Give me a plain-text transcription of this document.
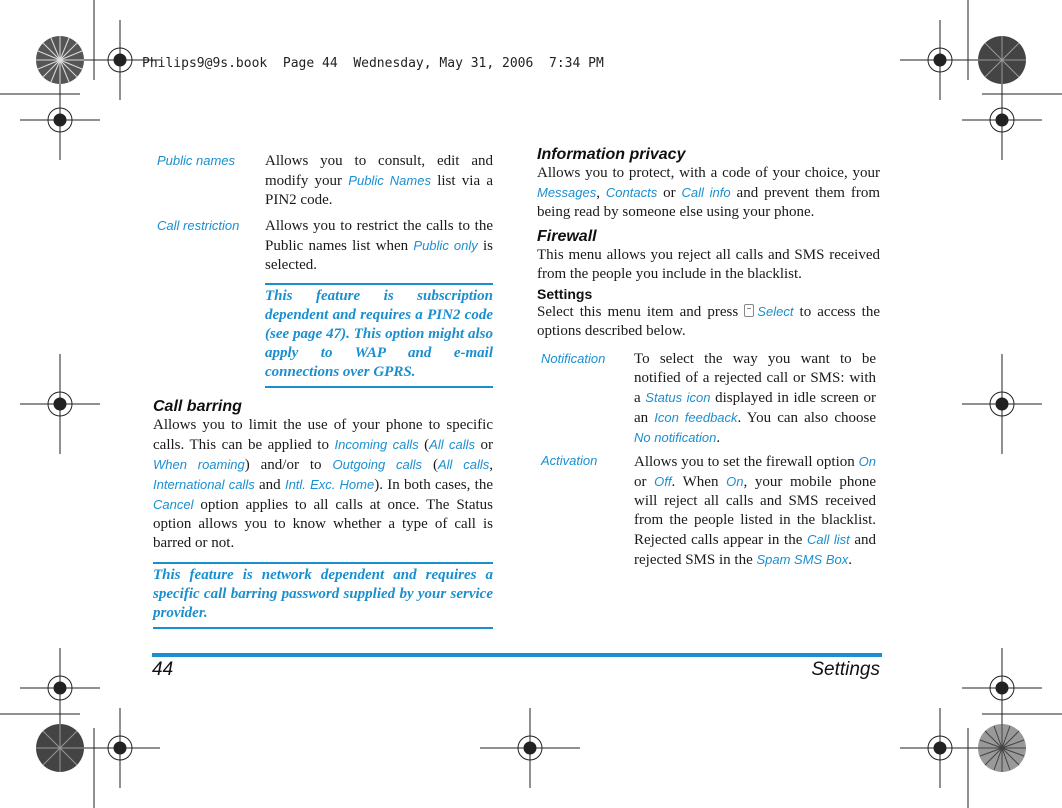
Philips9@9s.book  Page 44  Wednesday, May 31, 2006  7:34 PM
Public names Allows you to consult, edit and modify your Public Names list via a PIN2 code.
Call restriction Allows you to restrict the calls to the Public names list when Public only is selected.
This feature is subscription dependent and requires a PIN2 code (see page 47). This option might also apply to WAP and e-mail connections over GPRS.
Call barring
Allows you to limit the use of your phone to specific calls. This can be applied to Incoming calls (All calls or When roaming) and/or to Outgoing calls (All calls, International calls and Intl. Exc. Home). In both cases, the Cancel option applies to all calls at once. The Status option allows you to know whether a type of call is barred or not.
This feature is network dependent and requires a specific call barring password supplied by your service provider.
Information privacy
Allows you to protect, with a code of your choice, your Messages, Contacts or Call info and prevent them from being read by someone else using your phone.
Firewall
This menu allows you reject all calls and SMS received from the people you include in the blacklist.
Settings
Select this menu item and press Select to access the options described below.
Notification To select the way you want to be notified of a rejected call or SMS: with a Status icon displayed in idle screen or an Icon feedback. You can also choose No notification.
Activation Allows you to set the firewall option On or Off. When On, your mobile phone will reject all calls and SMS received from the people listed in the blacklist. Rejected calls appear in the Call list and rejected SMS in the Spam SMS Box.
44	Settings
